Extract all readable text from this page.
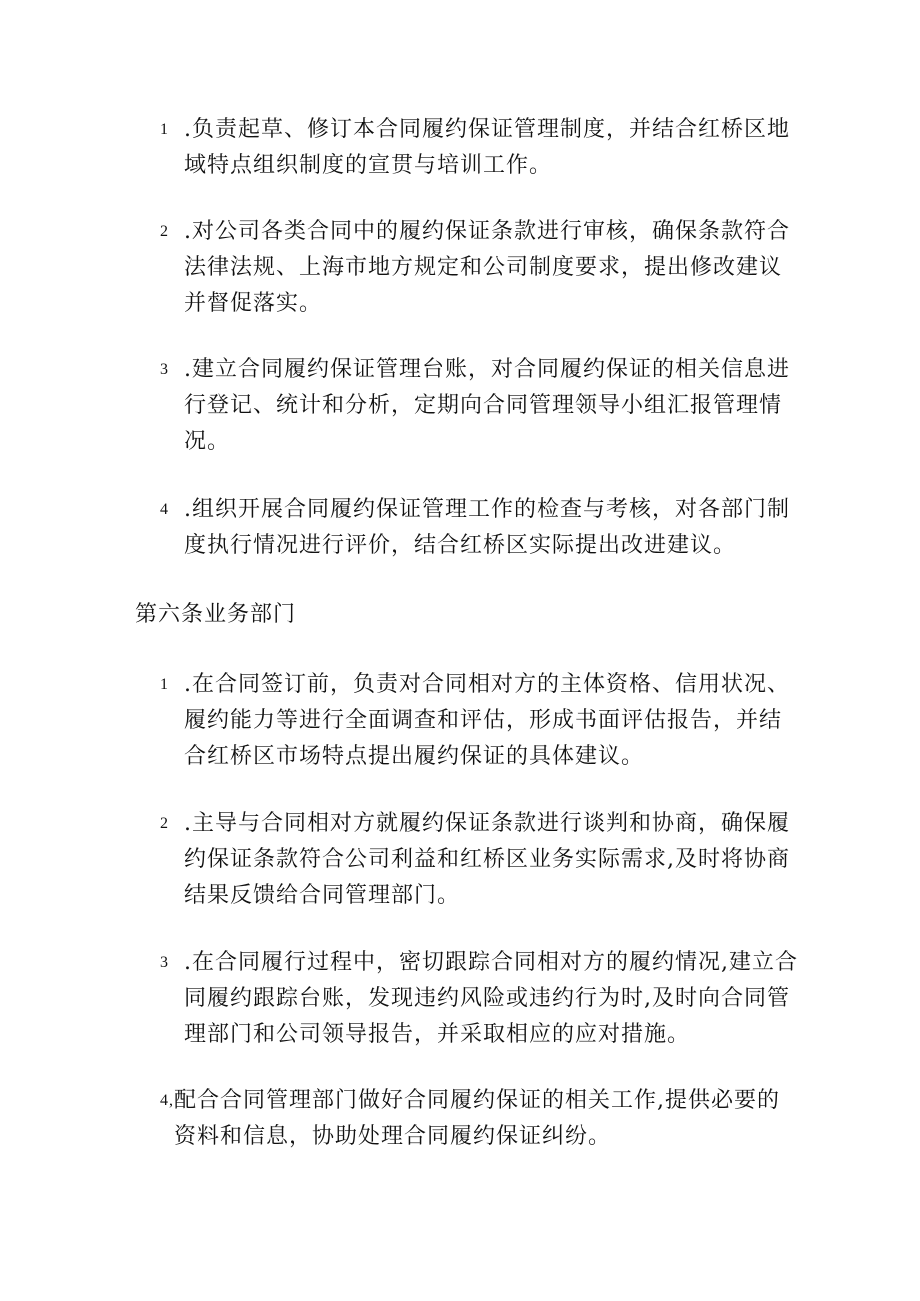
1 .负责起草、修订本合同履约保证管理制度，并结合红桥区地域特点组织制度的宣贯与培训工作。
2 .对公司各类合同中的履约保证条款进行审核，确保条款符合法律法规、上海市地方规定和公司制度要求，提出修改建议并督促落实。
3 .建立合同履约保证管理台账，对合同履约保证的相关信息进行登记、统计和分析，定期向合同管理领导小组汇报管理情况。
4 .组织开展合同履约保证管理工作的检查与考核，对各部门制度执行情况进行评价，结合红桥区实际提出改进建议。
第六条业务部门
1 .在合同签订前，负责对合同相对方的主体资格、信用状况、履约能力等进行全面调查和评估，形成书面评估报告，并结合红桥区市场特点提出履约保证的具体建议。
2 .主导与合同相对方就履约保证条款进行谈判和协商，确保履约保证条款符合公司利益和红桥区业务实际需求,及时将协商结果反馈给合同管理部门。
3 .在合同履行过程中，密切跟踪合同相对方的履约情况,建立合同履约跟踪台账，发现违约风险或违约行为时,及时向合同管理部门和公司领导报告，并采取相应的应对措施。
4, 配合合同管理部门做好合同履约保证的相关工作,提供必要的资料和信息，协助处理合同履约保证纠纷。
